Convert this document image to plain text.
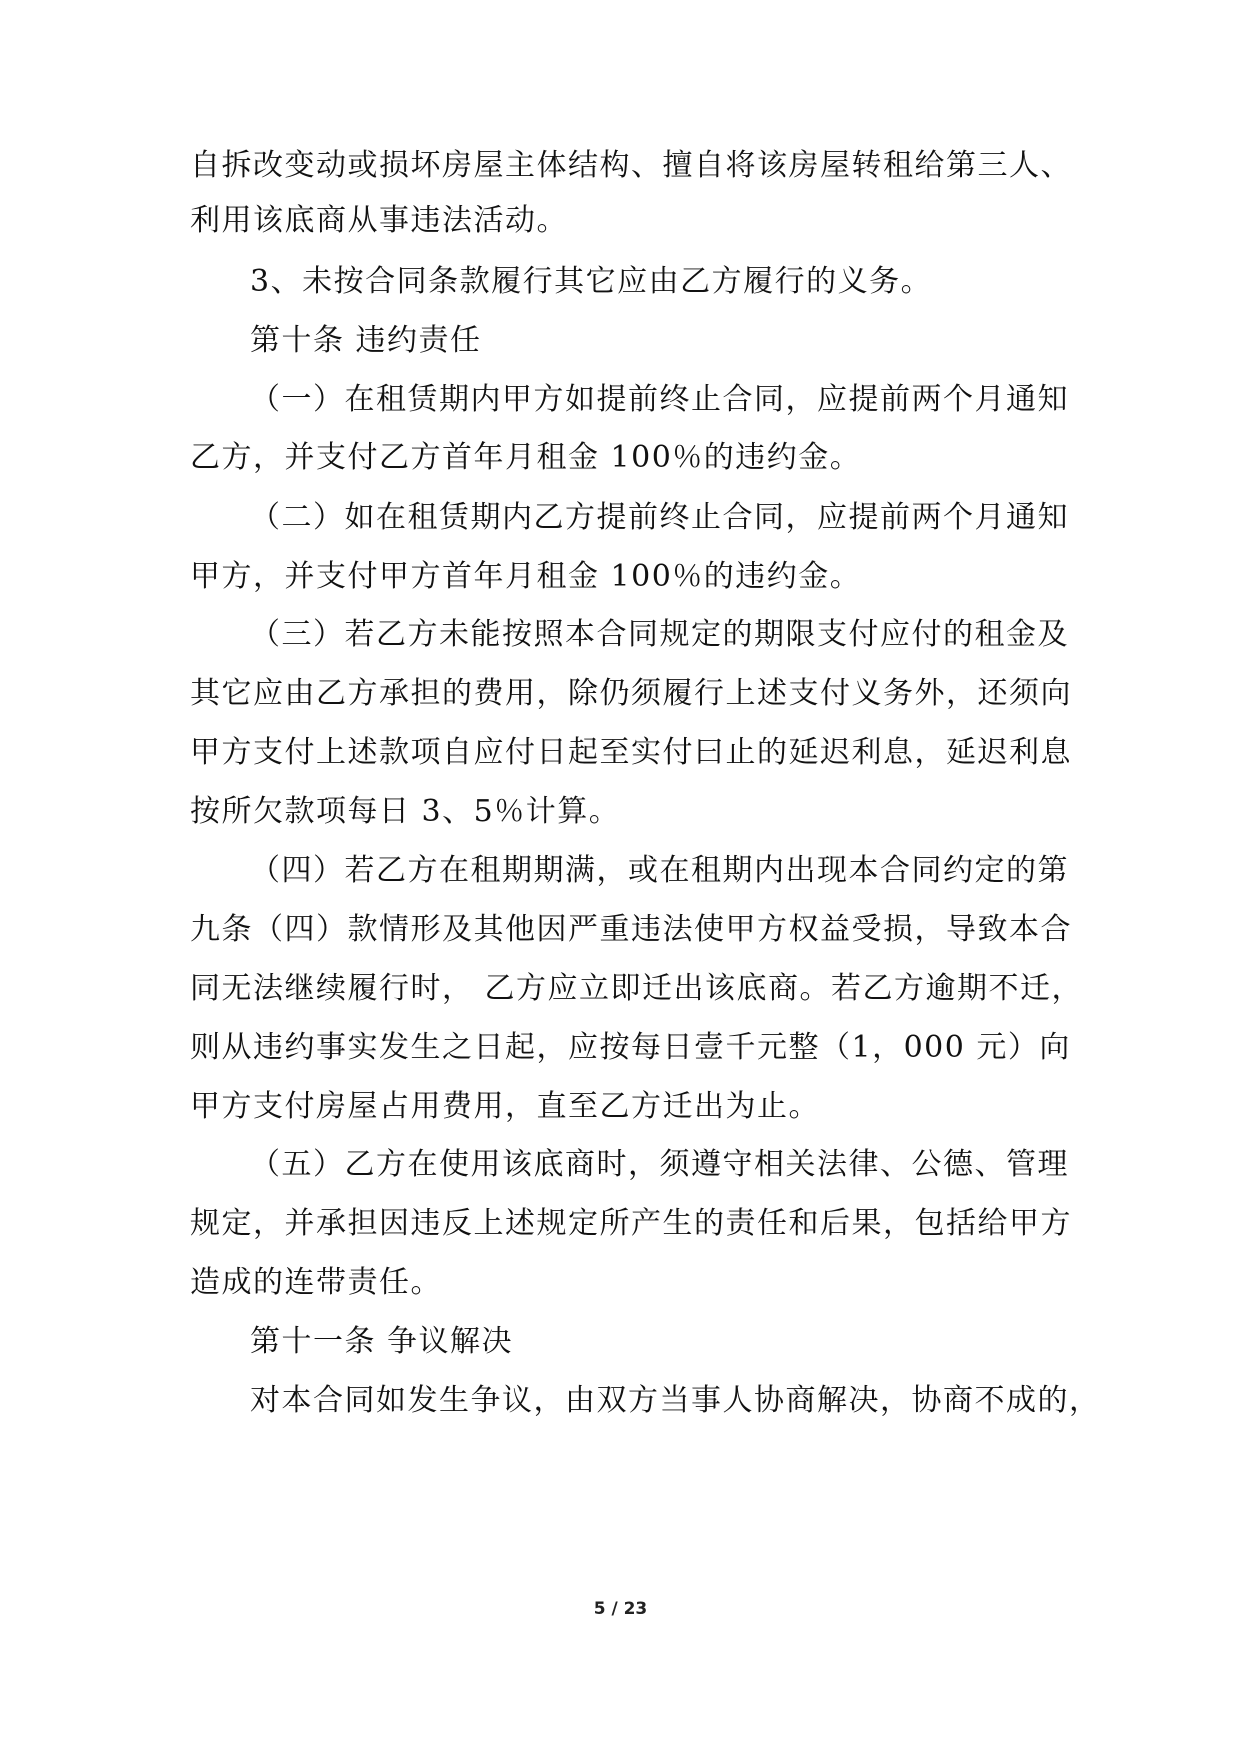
自拆改变动或损坏房屋主体结构、擅自将该房屋转租给第三人、
利用该底商从事违法活动。
3、未按合同条款履行其它应由乙方履行的义务。
第十条 违约责任
（一）在租赁期内甲方如提前终止合同，应提前两个月通知
乙方，并支付乙方首年月租金 100％的违约金。
（二）如在租赁期内乙方提前终止合同，应提前两个月通知
甲方，并支付甲方首年月租金 100％的违约金。
（三）若乙方未能按照本合同规定的期限支付应付的租金及
其它应由乙方承担的费用，除仍须履行上述支付义务外，还须向
甲方支付上述款项自应付日起至实付曰止的延迟利息，延迟利息
按所欠款项每日 3、5％计算。
（四）若乙方在租期期满，或在租期内出现本合同约定的第
九条（四）款情形及其他因严重违法使甲方权益受损，导致本合
同无法继续履行时， 乙方应立即迁出该底商。若乙方逾期不迁，
则从违约事实发生之日起，应按每日壹千元整（1，000 元）向
甲方支付房屋占用费用，直至乙方迁出为止。
（五）乙方在使用该底商时，须遵守相关法律、公德、管理
规定，并承担因违反上述规定所产生的责任和后果，包括给甲方
造成的连带责任。
第十一条 争议解决
对本合同如发生争议，由双方当事人协商解决，协商不成的，
5 / 23
